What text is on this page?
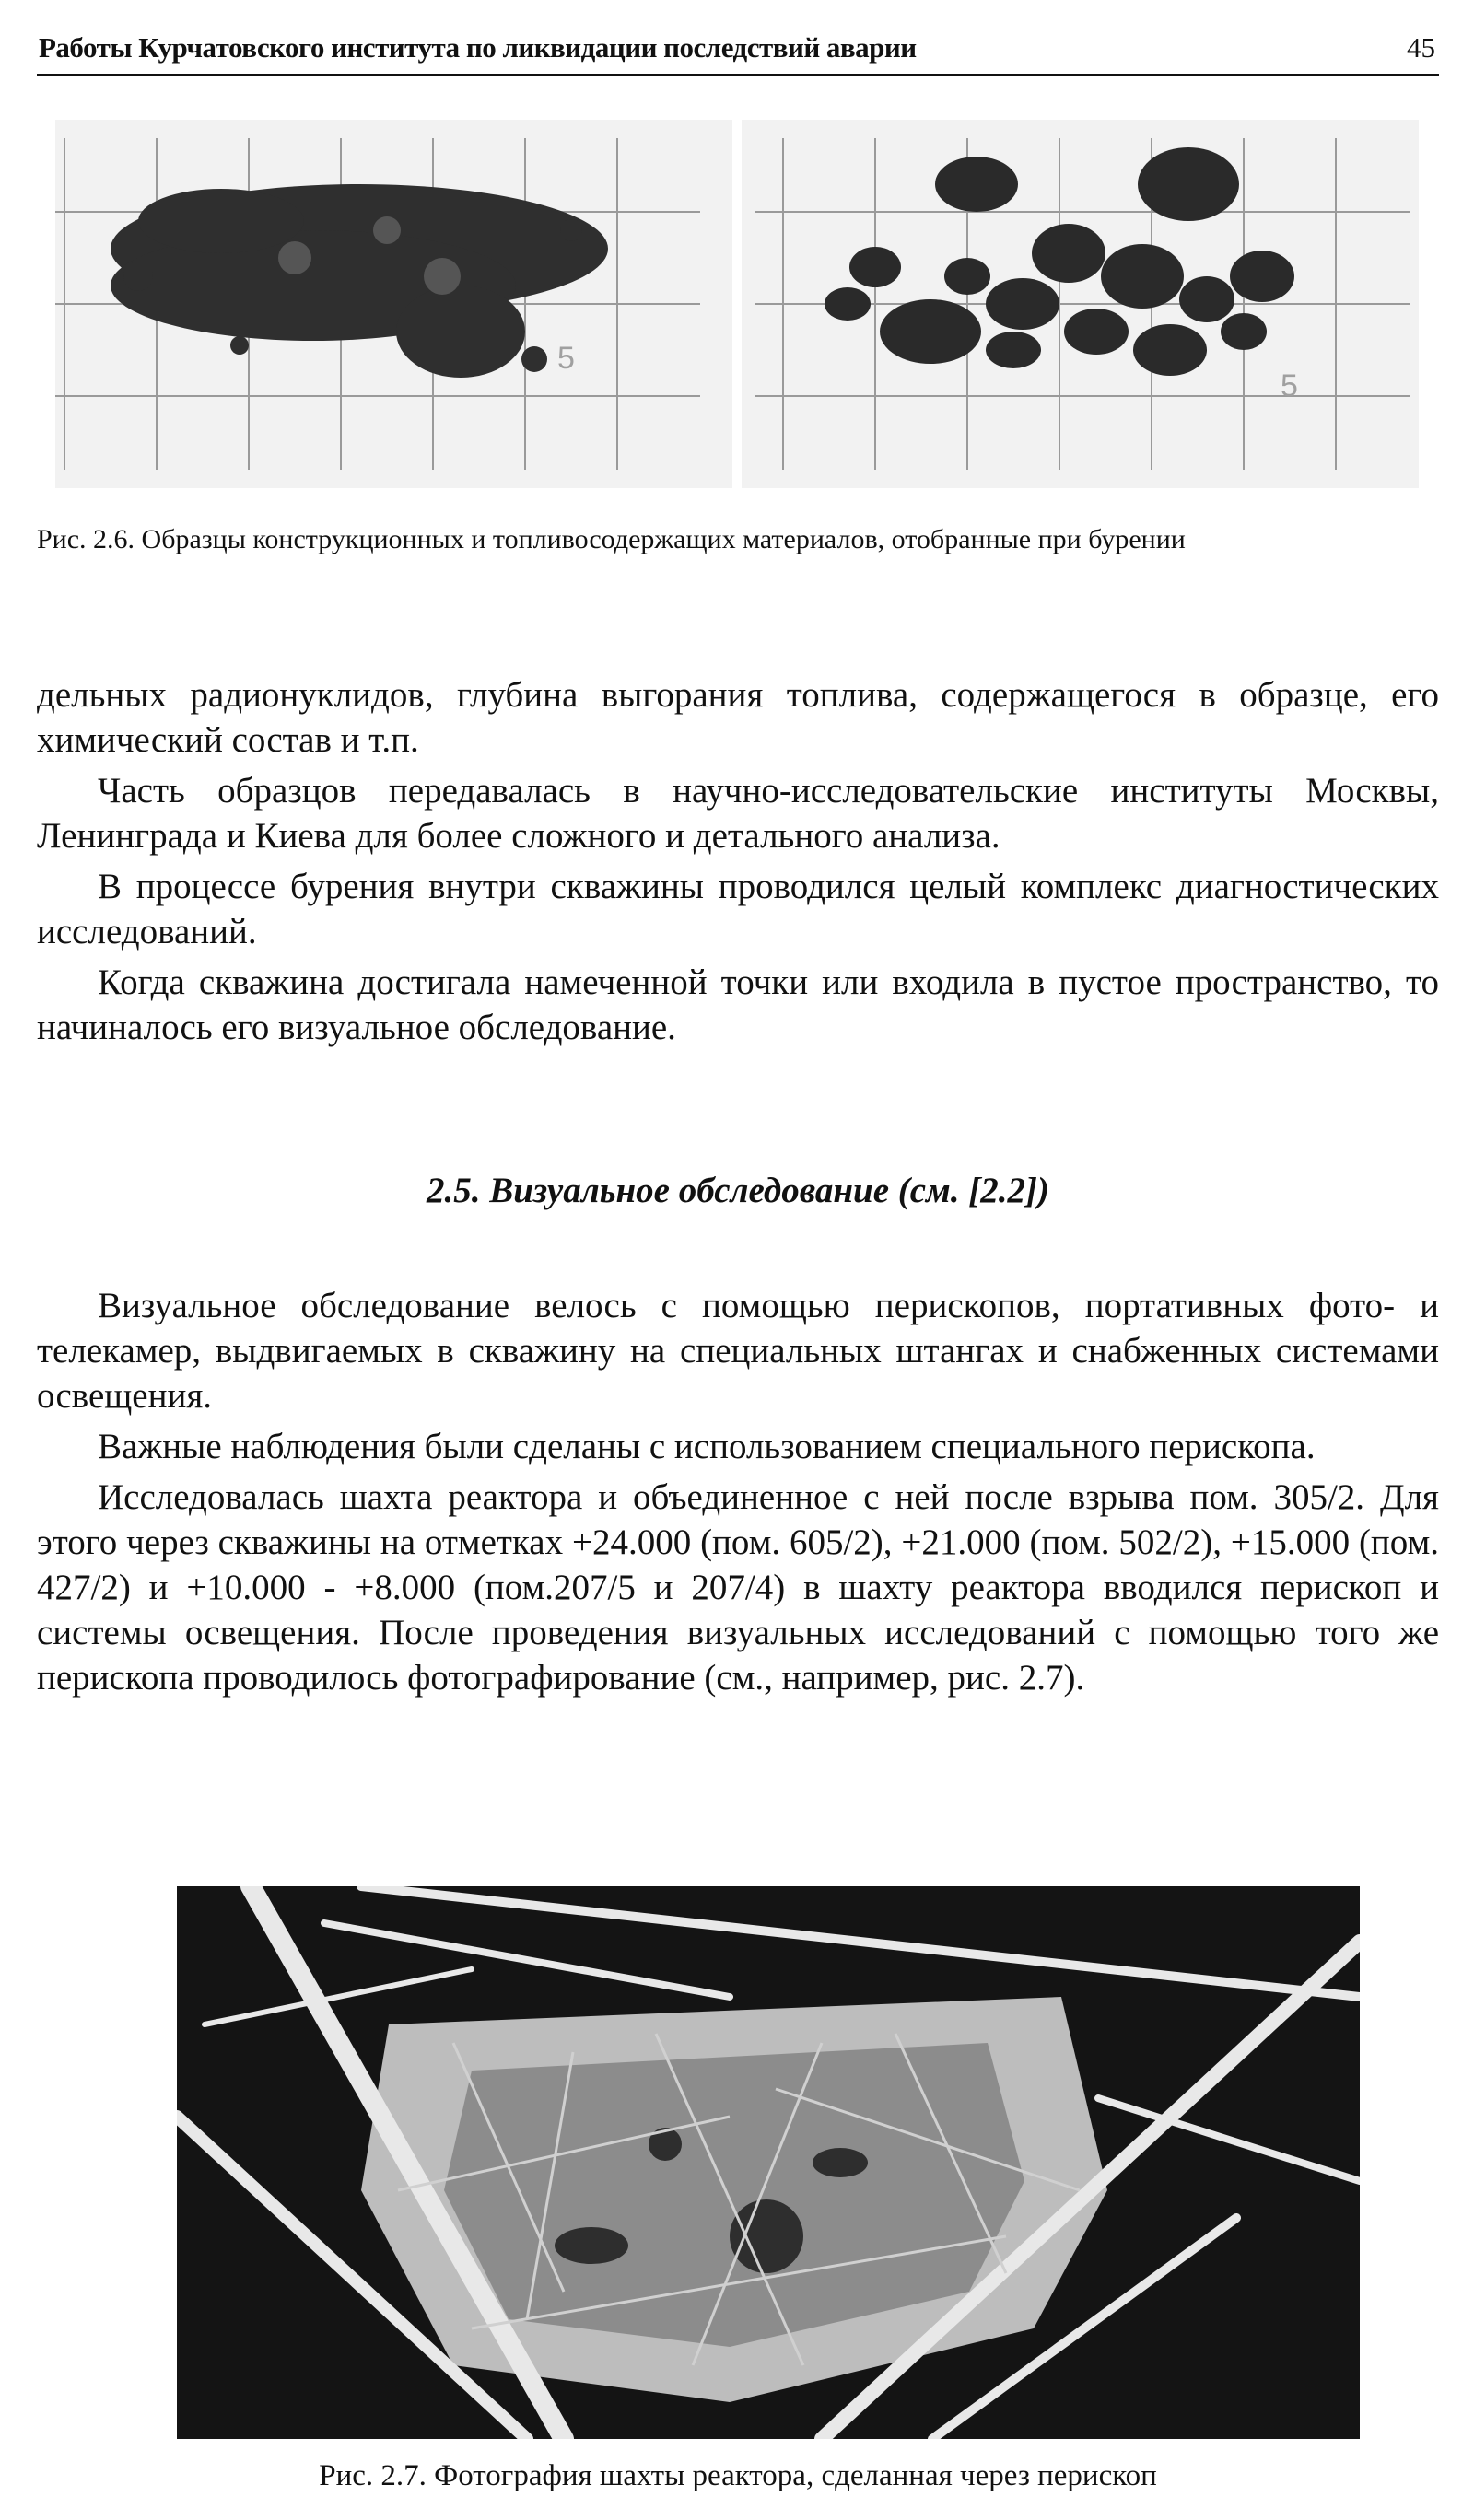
Работы Курчатовского института по ликвидации последствий аварии	45
5
5
Рис. 2.6. Образцы конструкционных и топливосодержащих материалов, отобранные при бурении

дельных радионуклидов, глубина выгорания топлива, содержащегося в образце, его химический состав и т.п.

Часть образцов передавалась в научно-исследовательские институты Москвы, Ленинграда и Киева для более сложного и детального анализа.

В процессе бурения внутри скважины проводился целый комплекс диагностических исследований.

Когда скважина достигала намеченной точки или входила в пустое пространство, то начиналось его визуальное обследование.

2.5. Визуальное обследование (см. [2.2])

Визуальное обследование велось с помощью перископов, портативных фото- и телекамер, выдвигаемых в скважину на специальных штангах и снабженных системами освещения.

Важные наблюдения были сделаны с использованием специального перископа.

Исследовалась шахта реактора и объединенное с ней после взрыва пом. 305/2. Для этого через скважины на отметках +24.000 (пом. 605/2), +21.000 (пом. 502/2), +15.000 (пом. 427/2) и +10.000 - +8.000 (пом.207/5 и 207/4) в шахту реактора вводился перископ и системы освещения. После проведения визуальных исследований с помощью того же перископа проводилось фотографирование (см., например, рис. 2.7).

Рис. 2.7. Фотография шахты реактора, сделанная через перископ
